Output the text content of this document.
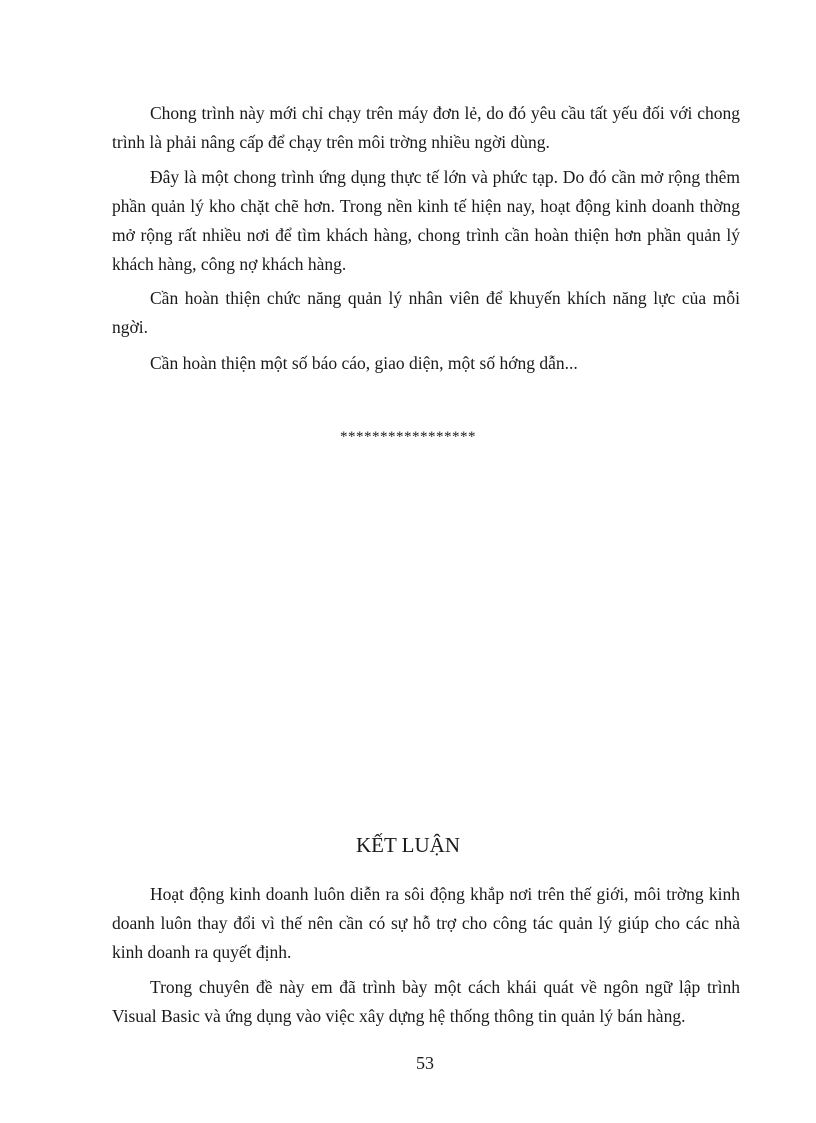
Chong trình này mới chỉ chạy trên máy đơn lẻ, do đó yêu cầu tất yếu đối với chong trình là phải nâng cấp để chạy trên môi trờng nhiều ngời dùng.

Đây là một chong trình ứng dụng thực tế lớn và phức tạp. Do đó cần mở rộng thêm phần quản lý kho chặt chẽ hơn. Trong nền kinh tế hiện nay, hoạt động kinh doanh thờng mở rộng rất nhiều nơi để tìm khách hàng, chong trình cần hoàn thiện hơn phần quản lý khách hàng, công nợ khách hàng.

Cần hoàn thiện chức năng quản lý nhân viên để khuyến khích năng lực của mỗi ngời.

Cần hoàn thiện một số báo cáo, giao diện, một số hớng dẫn...

*****************

KẾT LUẬN

Hoạt động kinh doanh luôn diễn ra sôi động khắp nơi trên thế giới, môi trờng kinh doanh luôn thay đổi vì thế nên cần có sự hỗ trợ cho công tác quản lý giúp cho các nhà kinh doanh ra quyết định.

Trong chuyên đề này em đã trình bày một cách khái quát về ngôn ngữ lập trình Visual Basic và ứng dụng vào việc xây dựng hệ thống thông tin quản lý bán hàng.

53
